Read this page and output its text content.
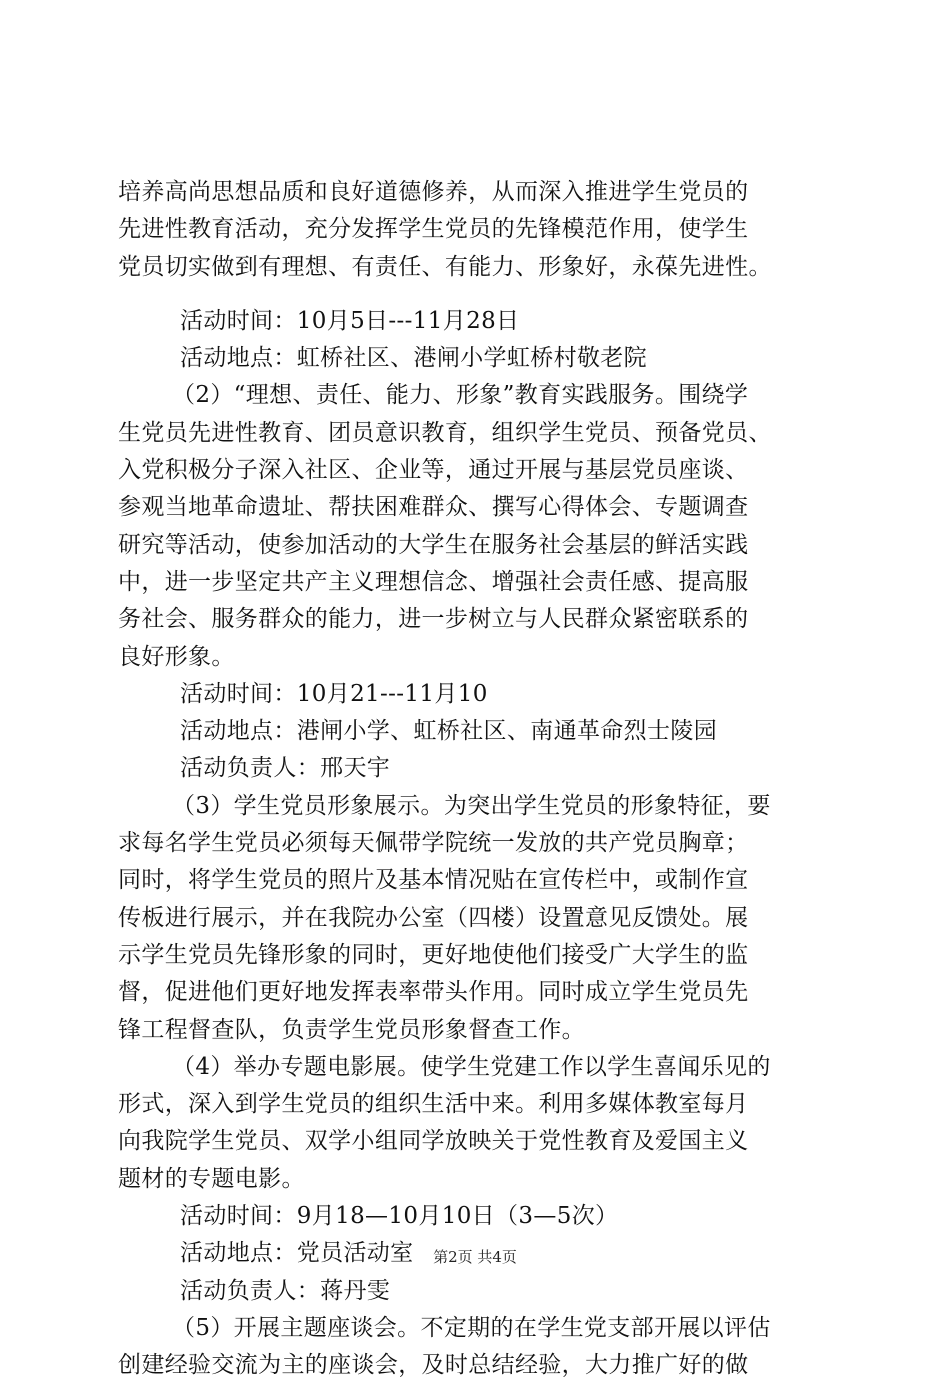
培养高尚思想品质和良好道德修养，从而深入推进学生党员的
先进性教育活动，充分发挥学生党员的先锋模范作用，使学生
党员切实做到有理想、有责任、有能力、形象好，永葆先进性。
活动时间：10月5日---11月28日
活动地点：虹桥社区、港闸小学虹桥村敬老院
（2）“理想、责任、能力、形象”教育实践服务。围绕学
生党员先进性教育、团员意识教育，组织学生党员、预备党员、
入党积极分子深入社区、企业等，通过开展与基层党员座谈、
参观当地革命遗址、帮扶困难群众、撰写心得体会、专题调查
研究等活动，使参加活动的大学生在服务社会基层的鲜活实践
中，进一步坚定共产主义理想信念、增强社会责任感、提高服
务社会、服务群众的能力，进一步树立与人民群众紧密联系的
良好形象。
活动时间：10月21---11月10
活动地点：港闸小学、虹桥社区、南通革命烈士陵园
活动负责人：邢天宇
（3）学生党员形象展示。为突出学生党员的形象特征，要
求每名学生党员必须每天佩带学院统一发放的共产党员胸章；
同时，将学生党员的照片及基本情况贴在宣传栏中，或制作宣
传板进行展示，并在我院办公室（四楼）设置意见反馈处。展
示学生党员先锋形象的同时，更好地使他们接受广大学生的监
督，促进他们更好地发挥表率带头作用。同时成立学生党员先
锋工程督查队，负责学生党员形象督查工作。
（4）举办专题电影展。使学生党建工作以学生喜闻乐见的
形式，深入到学生党员的组织生活中来。利用多媒体教室每月
向我院学生党员、双学小组同学放映关于党性教育及爱国主义
题材的专题电影。
活动时间：9月18—10月10日（3—5次）
活动地点：党员活动室
活动负责人：蒋丹雯
（5）开展主题座谈会。不定期的在学生党支部开展以评估
创建经验交流为主的座谈会，及时总结经验，大力推广好的做
第2页 共4页
